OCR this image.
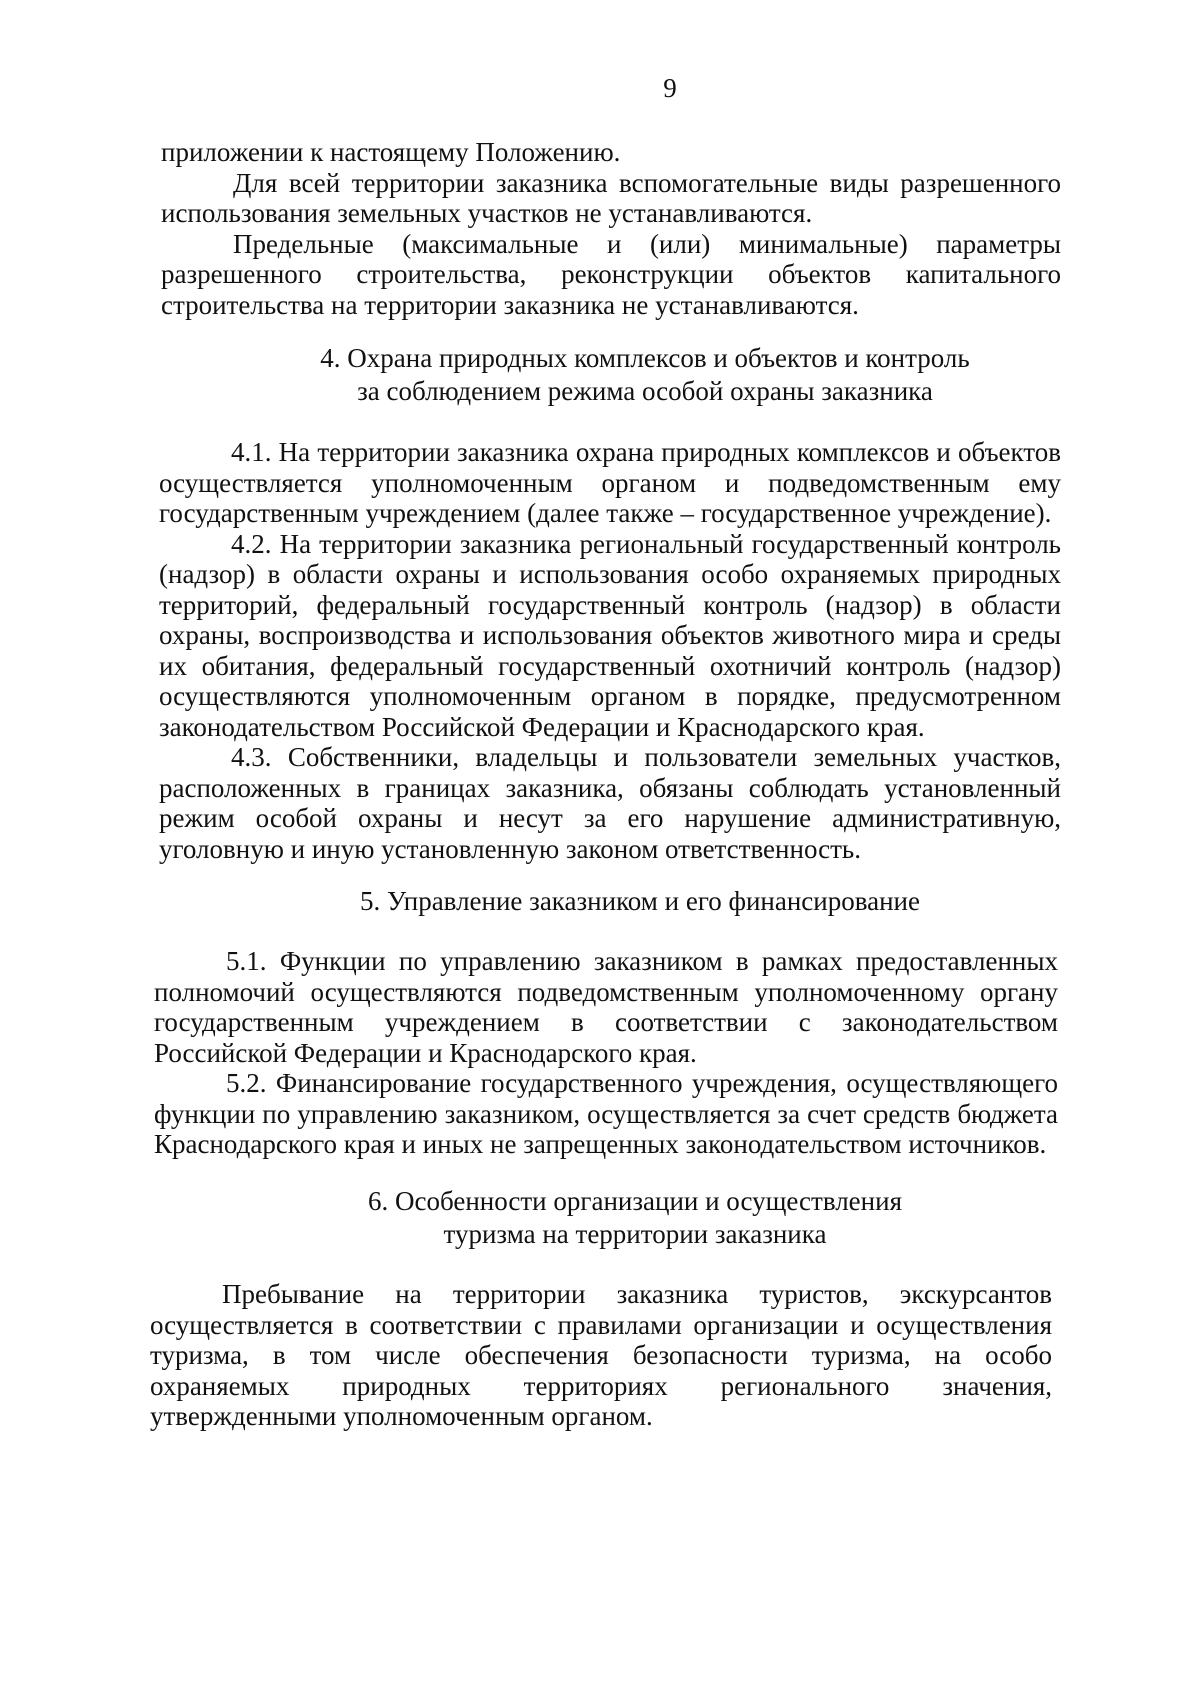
9

приложении к настоящему Положению.

Для всей территории заказника вспомогательные виды разрешенного использования земельных участков не устанавливаются.

Предельные (максимальные и (или) минимальные) параметры разрешенного строительства, реконструкции объектов капитального строительства на территории заказника не устанавливаются.

4. Охрана природных комплексов и объектов и контроль
за соблюдением режима особой охраны заказника

4.1. На территории заказника охрана природных комплексов и объектов осуществляется уполномоченным органом и подведомственным ему государственным учреждением (далее также – государственное учреждение).

4.2. На территории заказника региональный государственный контроль (надзор) в области охраны и использования особо охраняемых природных территорий, федеральный государственный контроль (надзор) в области охраны, воспроизводства и использования объектов животного мира и среды их обитания, федеральный государственный охотничий контроль (надзор) осуществляются уполномоченным органом в порядке, предусмотренном законодательством Российской Федерации и Краснодарского края.

4.3. Собственники, владельцы и пользователи земельных участков, расположенных в границах заказника, обязаны соблюдать установленный режим особой охраны и несут за его нарушение административную, уголовную и иную установленную законом ответственность.

5. Управление заказником и его финансирование

5.1. Функции по управлению заказником в рамках предоставленных полномочий осуществляются подведомственным уполномоченному органу государственным учреждением в соответствии с законодательством Российской Федерации и Краснодарского края.

5.2. Финансирование государственного учреждения, осуществляющего функции по управлению заказником, осуществляется за счет средств бюджета Краснодарского края и иных не запрещенных законодательством источников.

6. Особенности организации и осуществления
туризма на территории заказника

Пребывание на территории заказника туристов, экскурсантов осуществляется в соответствии с правилами организации и осуществления туризма, в том числе обеспечения безопасности туризма, на особо охраняемых природных территориях регионального значения, утвержденными уполномоченным органом.
